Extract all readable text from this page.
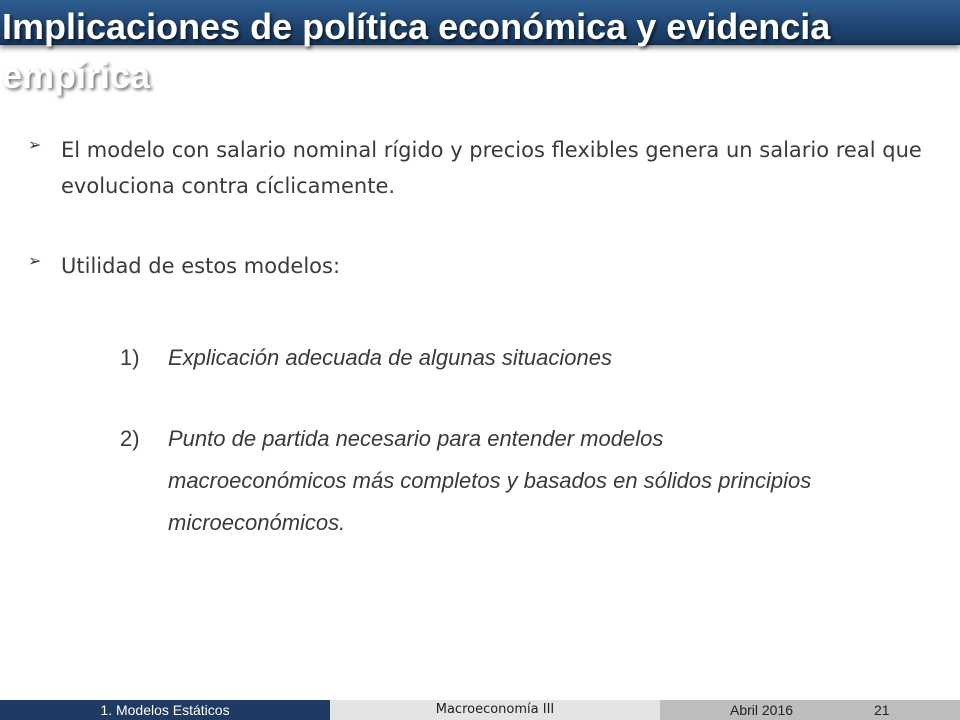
Implicaciones de política económica y evidencia empírica
➢ El modelo con salario nominal rígido y precios flexibles genera un salario real que evoluciona contra cíclicamente.
➢ Utilidad de estos modelos:
1)	Explicación adecuada de algunas situaciones
2)	Punto de partida necesario para entender modelos macroeconómicos más completos y basados en sólidos principios microeconómicos.
1. Modelos Estáticos	Macroeconomía III	Abril 2016	21
